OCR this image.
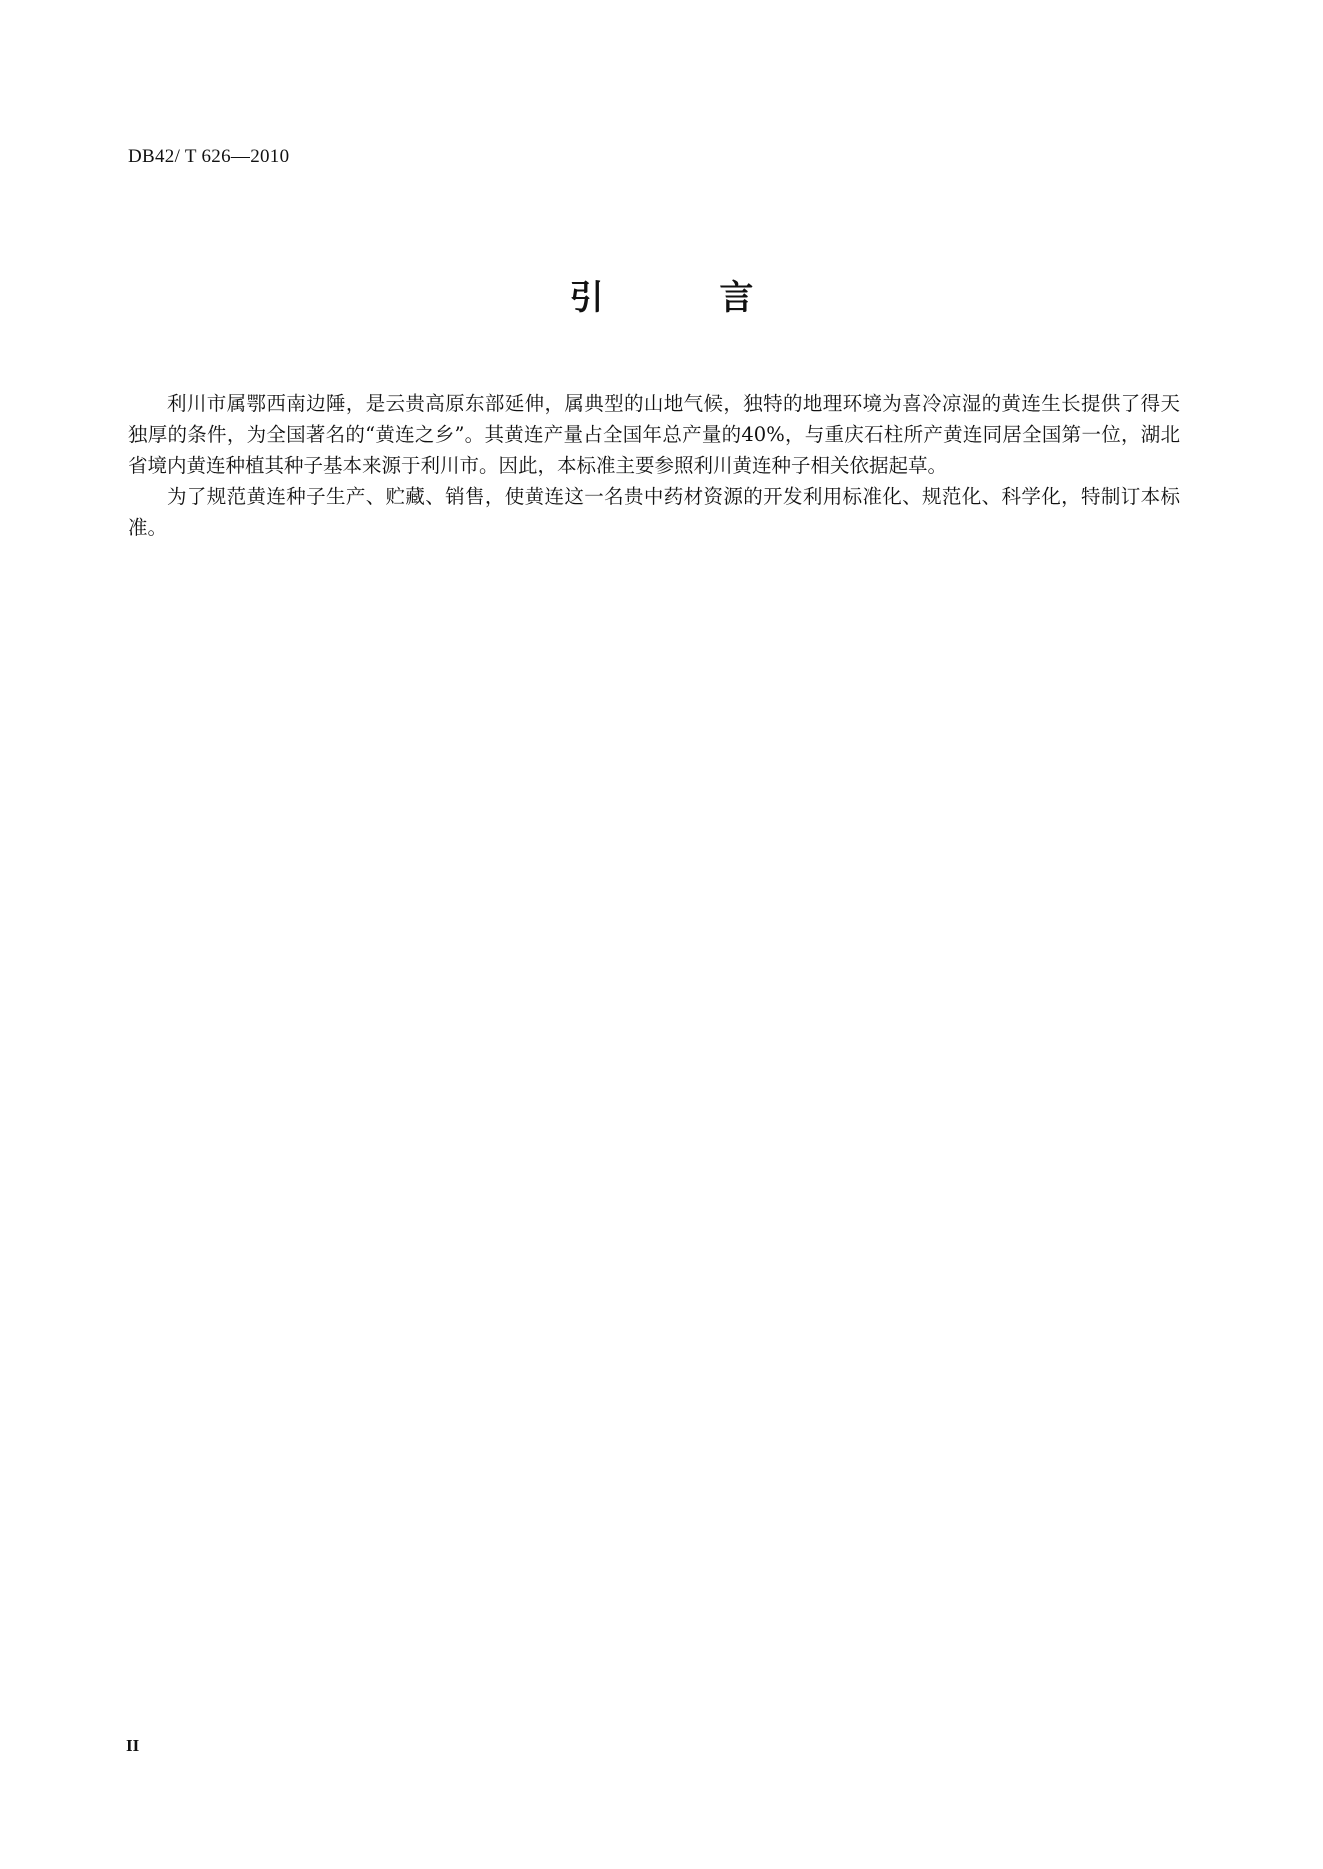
DB42/ T 626—2010
引 言

利川市属鄂西南边陲，是云贵高原东部延伸，属典型的山地气候，独特的地理环境为喜冷凉湿的黄连生长提供了得天独厚的条件，为全国著名的“黄连之乡”。其黄连产量占全国年总产量的40%，与重庆石柱所产黄连同居全国第一位，湖北省境内黄连种植其种子基本来源于利川市。因此，本标准主要参照利川黄连种子相关依据起草。

为了规范黄连种子生产、贮藏、销售，使黄连这一名贵中药材资源的开发利用标准化、规范化、科学化，特制订本标准。

II
